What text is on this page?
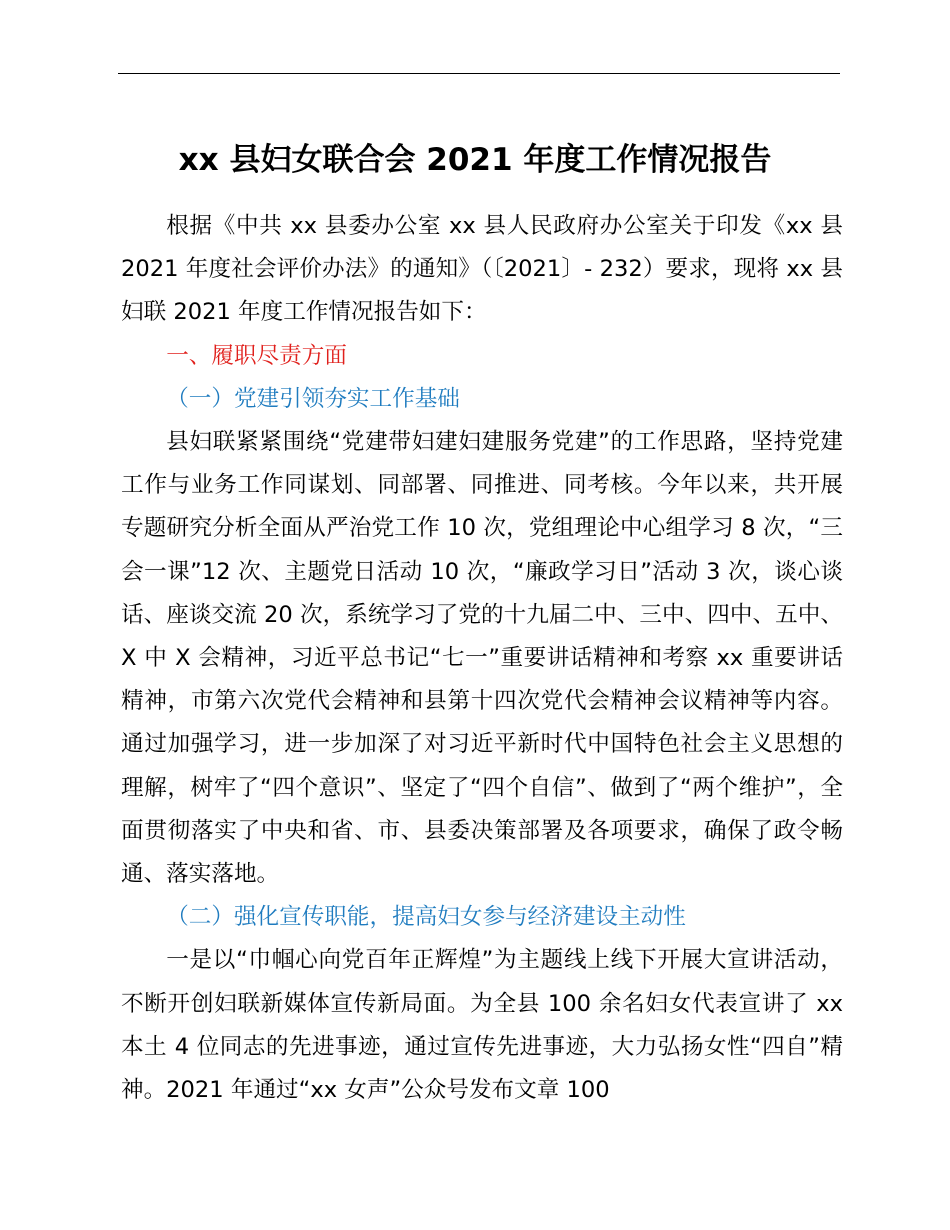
xx 县妇女联合会 2021 年度工作情况报告

根据《中共 xx 县委办公室 xx 县人民政府办公室关于印发《xx 县 2021 年度社会评价办法》的通知》（〔2021〕- 232）要求，现将 xx 县妇联 2021 年度工作情况报告如下：

一、履职尽责方面

（一）党建引领夯实工作基础

县妇联紧紧围绕“党建带妇建妇建服务党建”的工作思路，坚持党建工作与业务工作同谋划、同部署、同推进、同考核。今年以来，共开展专题研究分析全面从严治党工作 10 次，党组理论中心组学习 8 次，“三会一课”12 次、主题党日活动 10 次，“廉政学习日”活动 3 次，谈心谈话、座谈交流 20 次，系统学习了党的十九届二中、三中、四中、五中、X 中 X 会精神，习近平总书记“七一”重要讲话精神和考察 xx 重要讲话精神，市第六次党代会精神和县第十四次党代会精神会议精神等内容。通过加强学习，进一步加深了对习近平新时代中国特色社会主义思想的理解，树牢了“四个意识”、坚定了“四个自信”、做到了“两个维护”，全面贯彻落实了中央和省、市、县委决策部署及各项要求，确保了政令畅通、落实落地。

（二）强化宣传职能，提高妇女参与经济建设主动性

一是以“巾帼心向党百年正辉煌”为主题线上线下开展大宣讲活动，不断开创妇联新媒体宣传新局面。为全县 100 余名妇女代表宣讲了 xx 本土 4 位同志的先进事迹，通过宣传先进事迹，大力弘扬女性“四自”精神。2021 年通过“xx 女声”公众号发布文章 100
